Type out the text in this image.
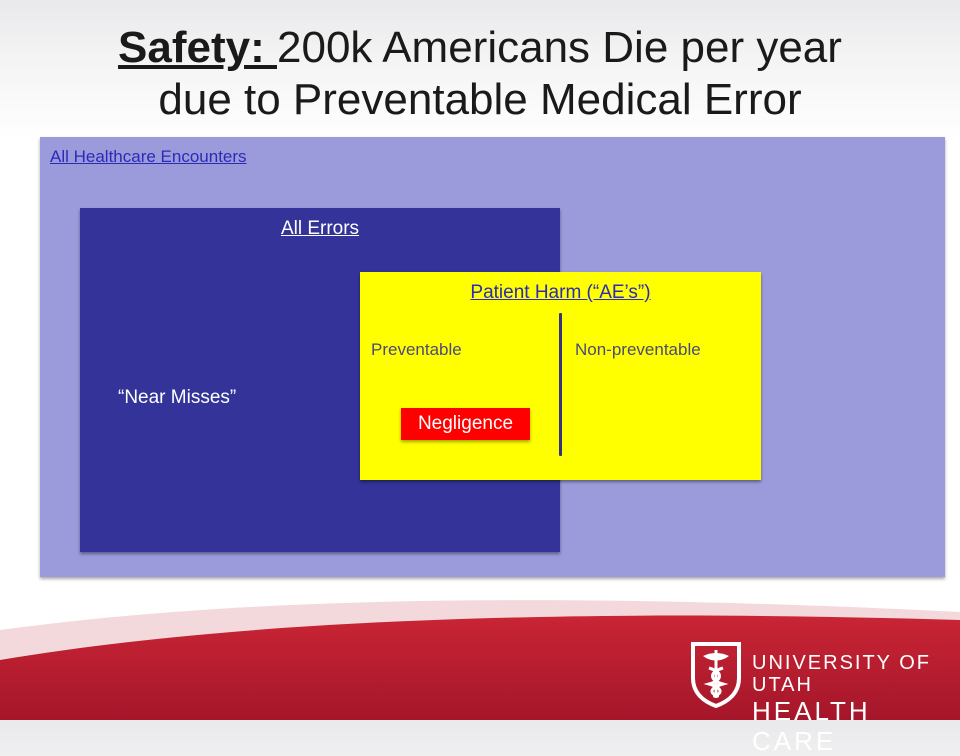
Safety: 200k Americans Die per year
due to Preventable Medical Error
All Healthcare Encounters
All Errors
“Near Misses”
Patient Harm (“AE’s”)
Preventable	Non-preventable
Negligence
UNIVERSITY OF UTAH
HEALTH CARE
